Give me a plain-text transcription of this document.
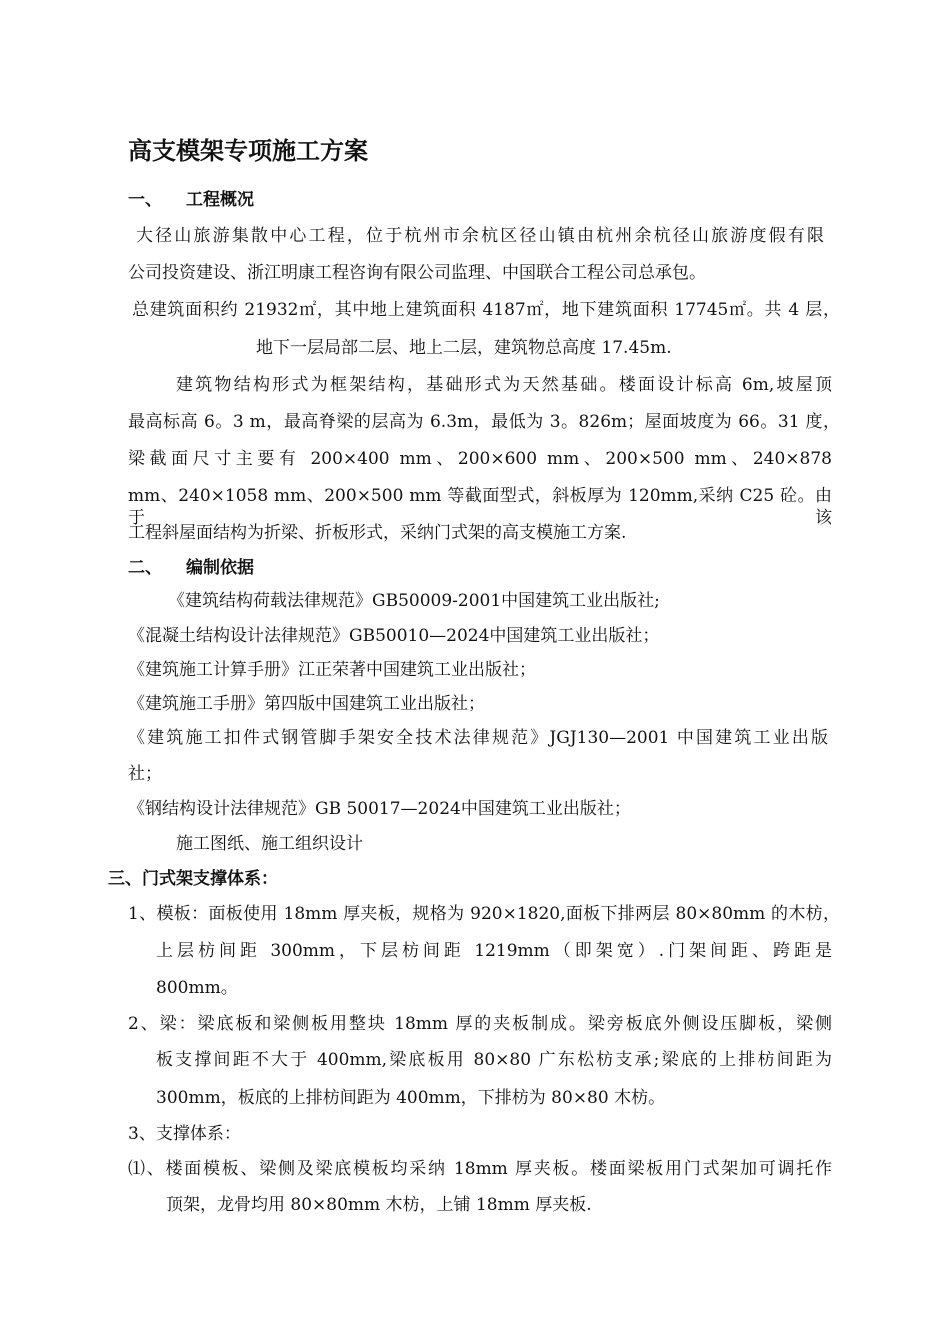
高支模架专项施工方案
一、 工程概况
大径山旅游集散中心工程，位于杭州市余杭区径山镇由杭州余杭径山旅游度假有限
公司投资建设、浙江明康工程咨询有限公司监理、中国联合工程公司总承包。
总建筑面积约 21932㎡，其中地上建筑面积 4187㎡，地下建筑面积 17745㎡。共 4 层，
地下一层局部二层、地上二层，建筑物总高度 17.45m.
建筑物结构形式为框架结构，基础形式为天然基础。楼面设计标高 6m,坡屋顶
最高标高 6。3 m，最高脊梁的层高为 6.3m，最低为 3。826m；屋面坡度为 66。31 度，
梁截面尺寸主要有 200×400 mm、200×600 mm、200×500 mm、240×878
mm、240×1058 mm、200×500 mm 等截面型式，斜板厚为 120mm,采纳 C25 砼。由于该
工程斜屋面结构为折梁、折板形式，采纳门式架的高支模施工方案.
二、 编制依据
《建筑结构荷载法律规范》GB50009-2001中国建筑工业出版社;
《混凝土结构设计法律规范》GB50010—2024中国建筑工业出版社；
《建筑施工计算手册》江正荣著中国建筑工业出版社；
《建筑施工手册》第四版中国建筑工业出版社；
《建筑施工扣件式钢管脚手架安全技术法律规范》JGJ130—2001 中国建筑工业出版
社；
《钢结构设计法律规范》GB 50017—2024中国建筑工业出版社；
施工图纸、施工组织设计
三、门式架支撑体系：
1、模板：面板使用 18mm 厚夹板，规格为 920×1820,面板下排两层 80×80mm 的木枋，
上层枋间距 300mm，下层枋间距 1219mm（即架宽）.门架间距、跨距是
800mm。
2、梁：梁底板和梁侧板用整块 18mm 厚的夹板制成。梁旁板底外侧设压脚板，梁侧
板支撑间距不大于 400mm,梁底板用 80×80 广东松枋支承;梁底的上排枋间距为
300mm，板底的上排枋间距为 400mm，下排枋为 80×80 木枋。
3、支撑体系：
⑴、楼面模板、梁侧及梁底模板均采纳 18mm 厚夹板。楼面梁板用门式架加可调托作
顶架，龙骨均用 80×80mm 木枋，上铺 18mm 厚夹板.
